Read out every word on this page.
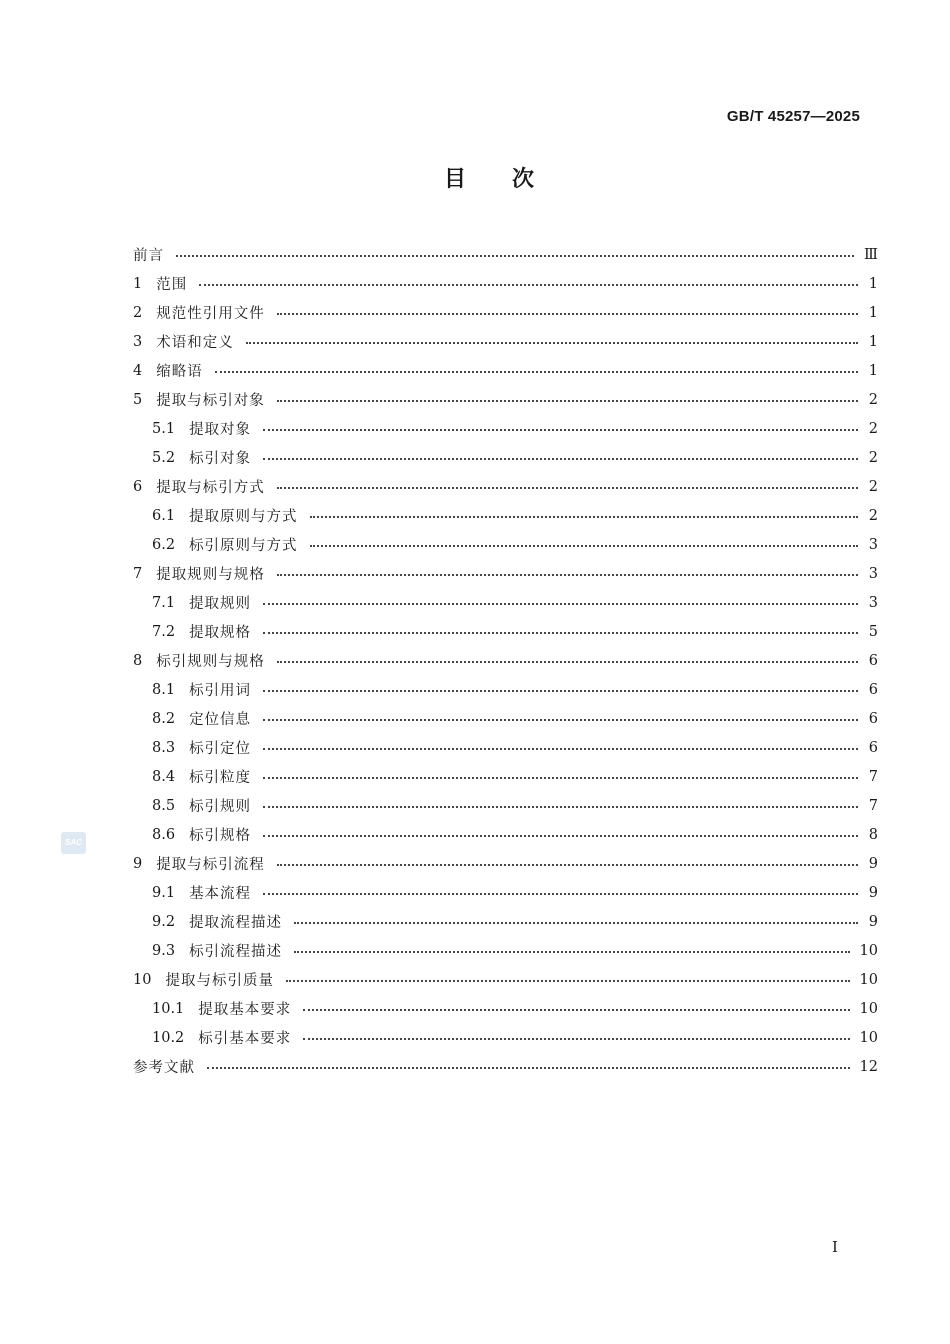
GB/T 45257—2025
目 次
前言	Ⅲ
1 范围	1
2 规范性引用文件	1
3 术语和定义	1
4 缩略语	1
5 提取与标引对象	2
5.1 提取对象	2
5.2 标引对象	2
6 提取与标引方式	2
6.1 提取原则与方式	2
6.2 标引原则与方式	3
7 提取规则与规格	3
7.1 提取规则	3
7.2 提取规格	5
8 标引规则与规格	6
8.1 标引用词	6
8.2 定位信息	6
8.3 标引定位	6
8.4 标引粒度	7
8.5 标引规则	7
8.6 标引规格	8
9 提取与标引流程	9
9.1 基本流程	9
9.2 提取流程描述	9
9.3 标引流程描述	10
10 提取与标引质量	10
10.1 提取基本要求	10
10.2 标引基本要求	10
参考文献	12
SAC
Ⅰ
